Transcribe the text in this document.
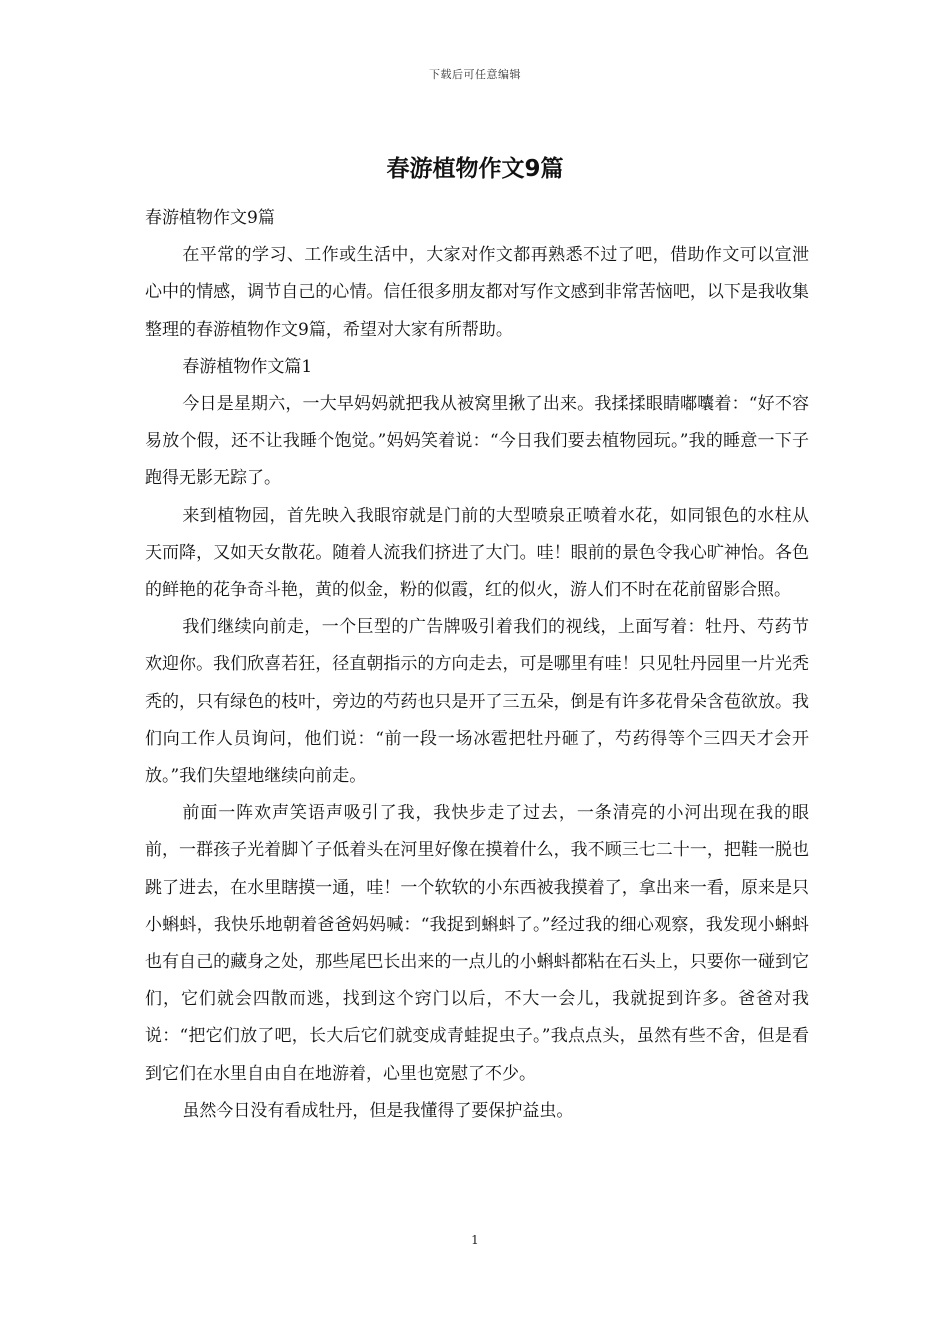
下载后可任意编辑
春游植物作文9篇

春游植物作文9篇

在平常的学习、工作或生活中，大家对作文都再熟悉不过了吧，借助作文可以宣泄心中的情感，调节自己的心情。信任很多朋友都对写作文感到非常苦恼吧，以下是我收集整理的春游植物作文9篇，希望对大家有所帮助。

春游植物作文篇1

今日是星期六，一大早妈妈就把我从被窝里揪了出来。我揉揉眼睛嘟囔着：“好不容易放个假，还不让我睡个饱觉。”妈妈笑着说：“今日我们要去植物园玩。”我的睡意一下子跑得无影无踪了。

来到植物园，首先映入我眼帘就是门前的大型喷泉正喷着水花，如同银色的水柱从天而降，又如天女散花。随着人流我们挤进了大门。哇！眼前的景色令我心旷神怡。各色的鲜艳的花争奇斗艳，黄的似金，粉的似霞，红的似火，游人们不时在花前留影合照。

我们继续向前走，一个巨型的广告牌吸引着我们的视线，上面写着：牡丹、芍药节欢迎你。我们欣喜若狂，径直朝指示的方向走去，可是哪里有哇！只见牡丹园里一片光秃秃的，只有绿色的枝叶，旁边的芍药也只是开了三五朵，倒是有许多花骨朵含苞欲放。我们向工作人员询问，他们说：“前一段一场冰雹把牡丹砸了，芍药得等个三四天才会开放。”我们失望地继续向前走。

前面一阵欢声笑语声吸引了我，我快步走了过去，一条清亮的小河出现在我的眼前，一群孩子光着脚丫子低着头在河里好像在摸着什么，我不顾三七二十一，把鞋一脱也跳了进去，在水里瞎摸一通，哇！一个软软的小东西被我摸着了，拿出来一看，原来是只小蝌蚪，我快乐地朝着爸爸妈妈喊：“我捉到蝌蚪了。”经过我的细心观察，我发现小蝌蚪也有自己的藏身之处，那些尾巴长出来的一点儿的小蝌蚪都粘在石头上，只要你一碰到它们，它们就会四散而逃，找到这个窍门以后，不大一会儿，我就捉到许多。爸爸对我说：“把它们放了吧，长大后它们就变成青蛙捉虫子。”我点点头，虽然有些不舍，但是看到它们在水里自由自在地游着，心里也宽慰了不少。

虽然今日没有看成牡丹，但是我懂得了要保护益虫。

1
